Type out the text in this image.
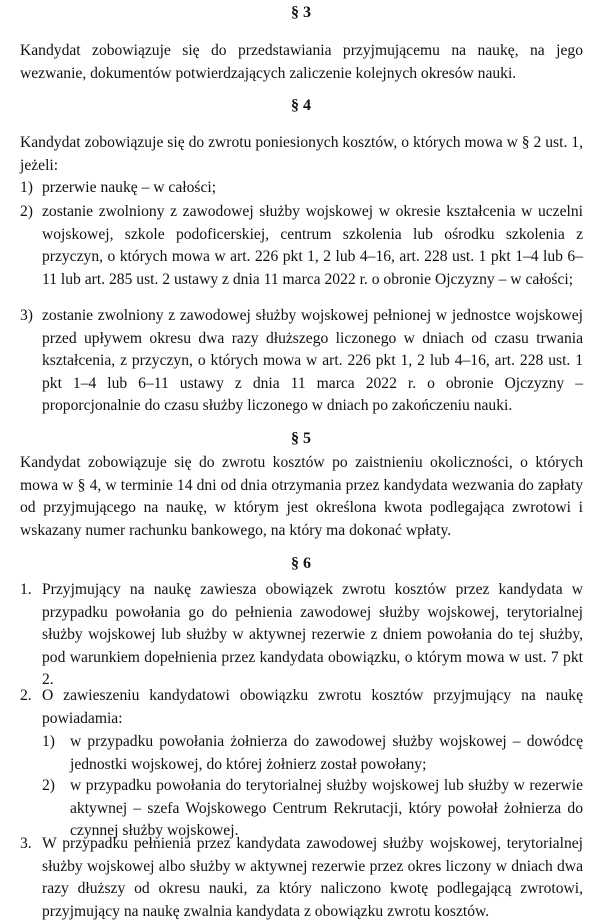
§ 3
Kandydat zobowiązuje się do przedstawiania przyjmującemu na naukę, na jego wezwanie, dokumentów potwierdzających zaliczenie kolejnych okresów nauki.
§ 4
Kandydat zobowiązuje się do zwrotu poniesionych kosztów, o których mowa w § 2 ust. 1, jeżeli:
1) przerwie naukę – w całości;
2) zostanie zwolniony z zawodowej służby wojskowej w okresie kształcenia w uczelni wojskowej, szkole podoficerskiej, centrum szkolenia lub ośrodku szkolenia z przyczyn, o których mowa w art. 226 pkt 1, 2 lub 4–16, art. 228 ust. 1 pkt 1–4 lub 6–11 lub art. 285 ust. 2 ustawy z dnia 11 marca 2022 r. o obronie Ojczyzny – w całości;
3) zostanie zwolniony z zawodowej służby wojskowej pełnionej w jednostce wojskowej przed upływem okresu dwa razy dłuższego liczonego w dniach od czasu trwania kształcenia, z przyczyn, o których mowa w art. 226 pkt 1, 2 lub 4–16, art. 228 ust. 1 pkt 1–4 lub 6–11 ustawy z dnia 11 marca 2022 r. o obronie Ojczyzny – proporcjonalnie do czasu służby liczonego w dniach po zakończeniu nauki.
§ 5
Kandydat zobowiązuje się do zwrotu kosztów po zaistnieniu okoliczności, o których mowa w § 4, w terminie 14 dni od dnia otrzymania przez kandydata wezwania do zapłaty od przyjmującego na naukę, w którym jest określona kwota podlegająca zwrotowi i wskazany numer rachunku bankowego, na który ma dokonać wpłaty.
§ 6
1. Przyjmujący na naukę zawiesza obowiązek zwrotu kosztów przez kandydata w przypadku powołania go do pełnienia zawodowej służby wojskowej, terytorialnej służby wojskowej lub służby w aktywnej rezerwie z dniem powołania do tej służby, pod warunkiem dopełnienia przez kandydata obowiązku, o którym mowa w ust. 7 pkt 2.
2. O zawieszeniu kandydatowi obowiązku zwrotu kosztów przyjmujący na naukę powiadamia:
1) w przypadku powołania żołnierza do zawodowej służby wojskowej – dowódcę jednostki wojskowej, do której żołnierz został powołany;
2) w przypadku powołania do terytorialnej służby wojskowej lub służby w rezerwie aktywnej – szefa Wojskowego Centrum Rekrutacji, który powołał żołnierza do czynnej służby wojskowej.
3. W przypadku pełnienia przez kandydata zawodowej służby wojskowej, terytorialnej służby wojskowej albo służby w aktywnej rezerwie przez okres liczony w dniach dwa razy dłuższy od okresu nauki, za który naliczono kwotę podlegającą zwrotowi, przyjmujący na naukę zwalnia kandydata z obowiązku zwrotu kosztów.
